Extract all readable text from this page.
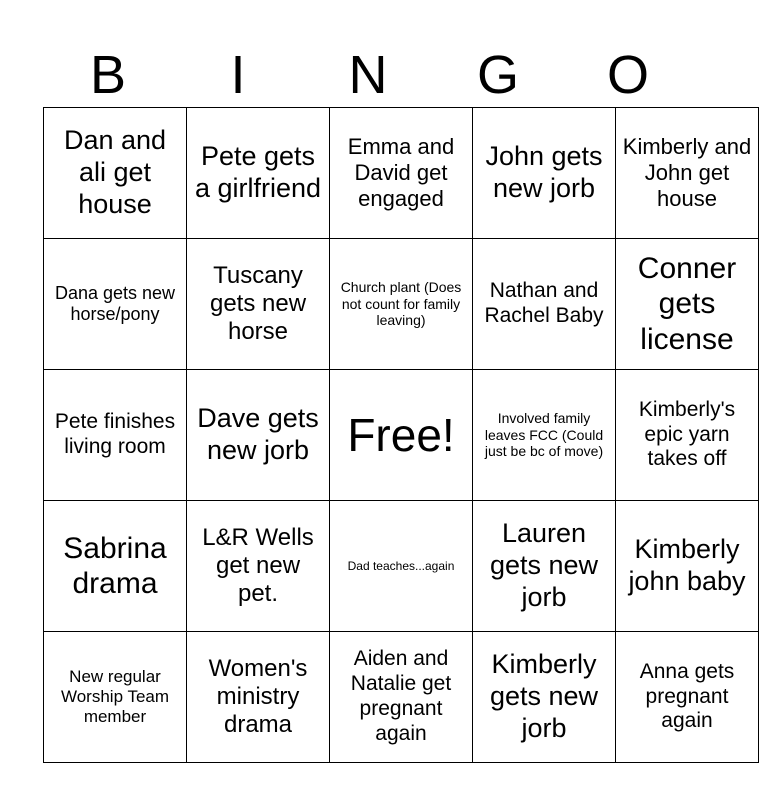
B	I	N	G	O
Dan and ali get house	Pete gets a girlfriend	Emma and David get engaged	John gets new jorb	Kimberly and John get house
Dana gets new horse/pony	Tuscany gets new horse	Church plant (Does not count for family leaving)	Nathan and Rachel Baby	Conner gets license
Pete finishes living room	Dave gets new jorb	Free!	Involved family leaves FCC (Could just be bc of move)	Kimberly's epic yarn takes off
Sabrina drama	L&R Wells get new pet.	Dad teaches...again	Lauren gets new jorb	Kimberly john baby
New regular Worship Team member	Women's ministry drama	Aiden and Natalie get pregnant again	Kimberly gets new jorb	Anna gets pregnant again
